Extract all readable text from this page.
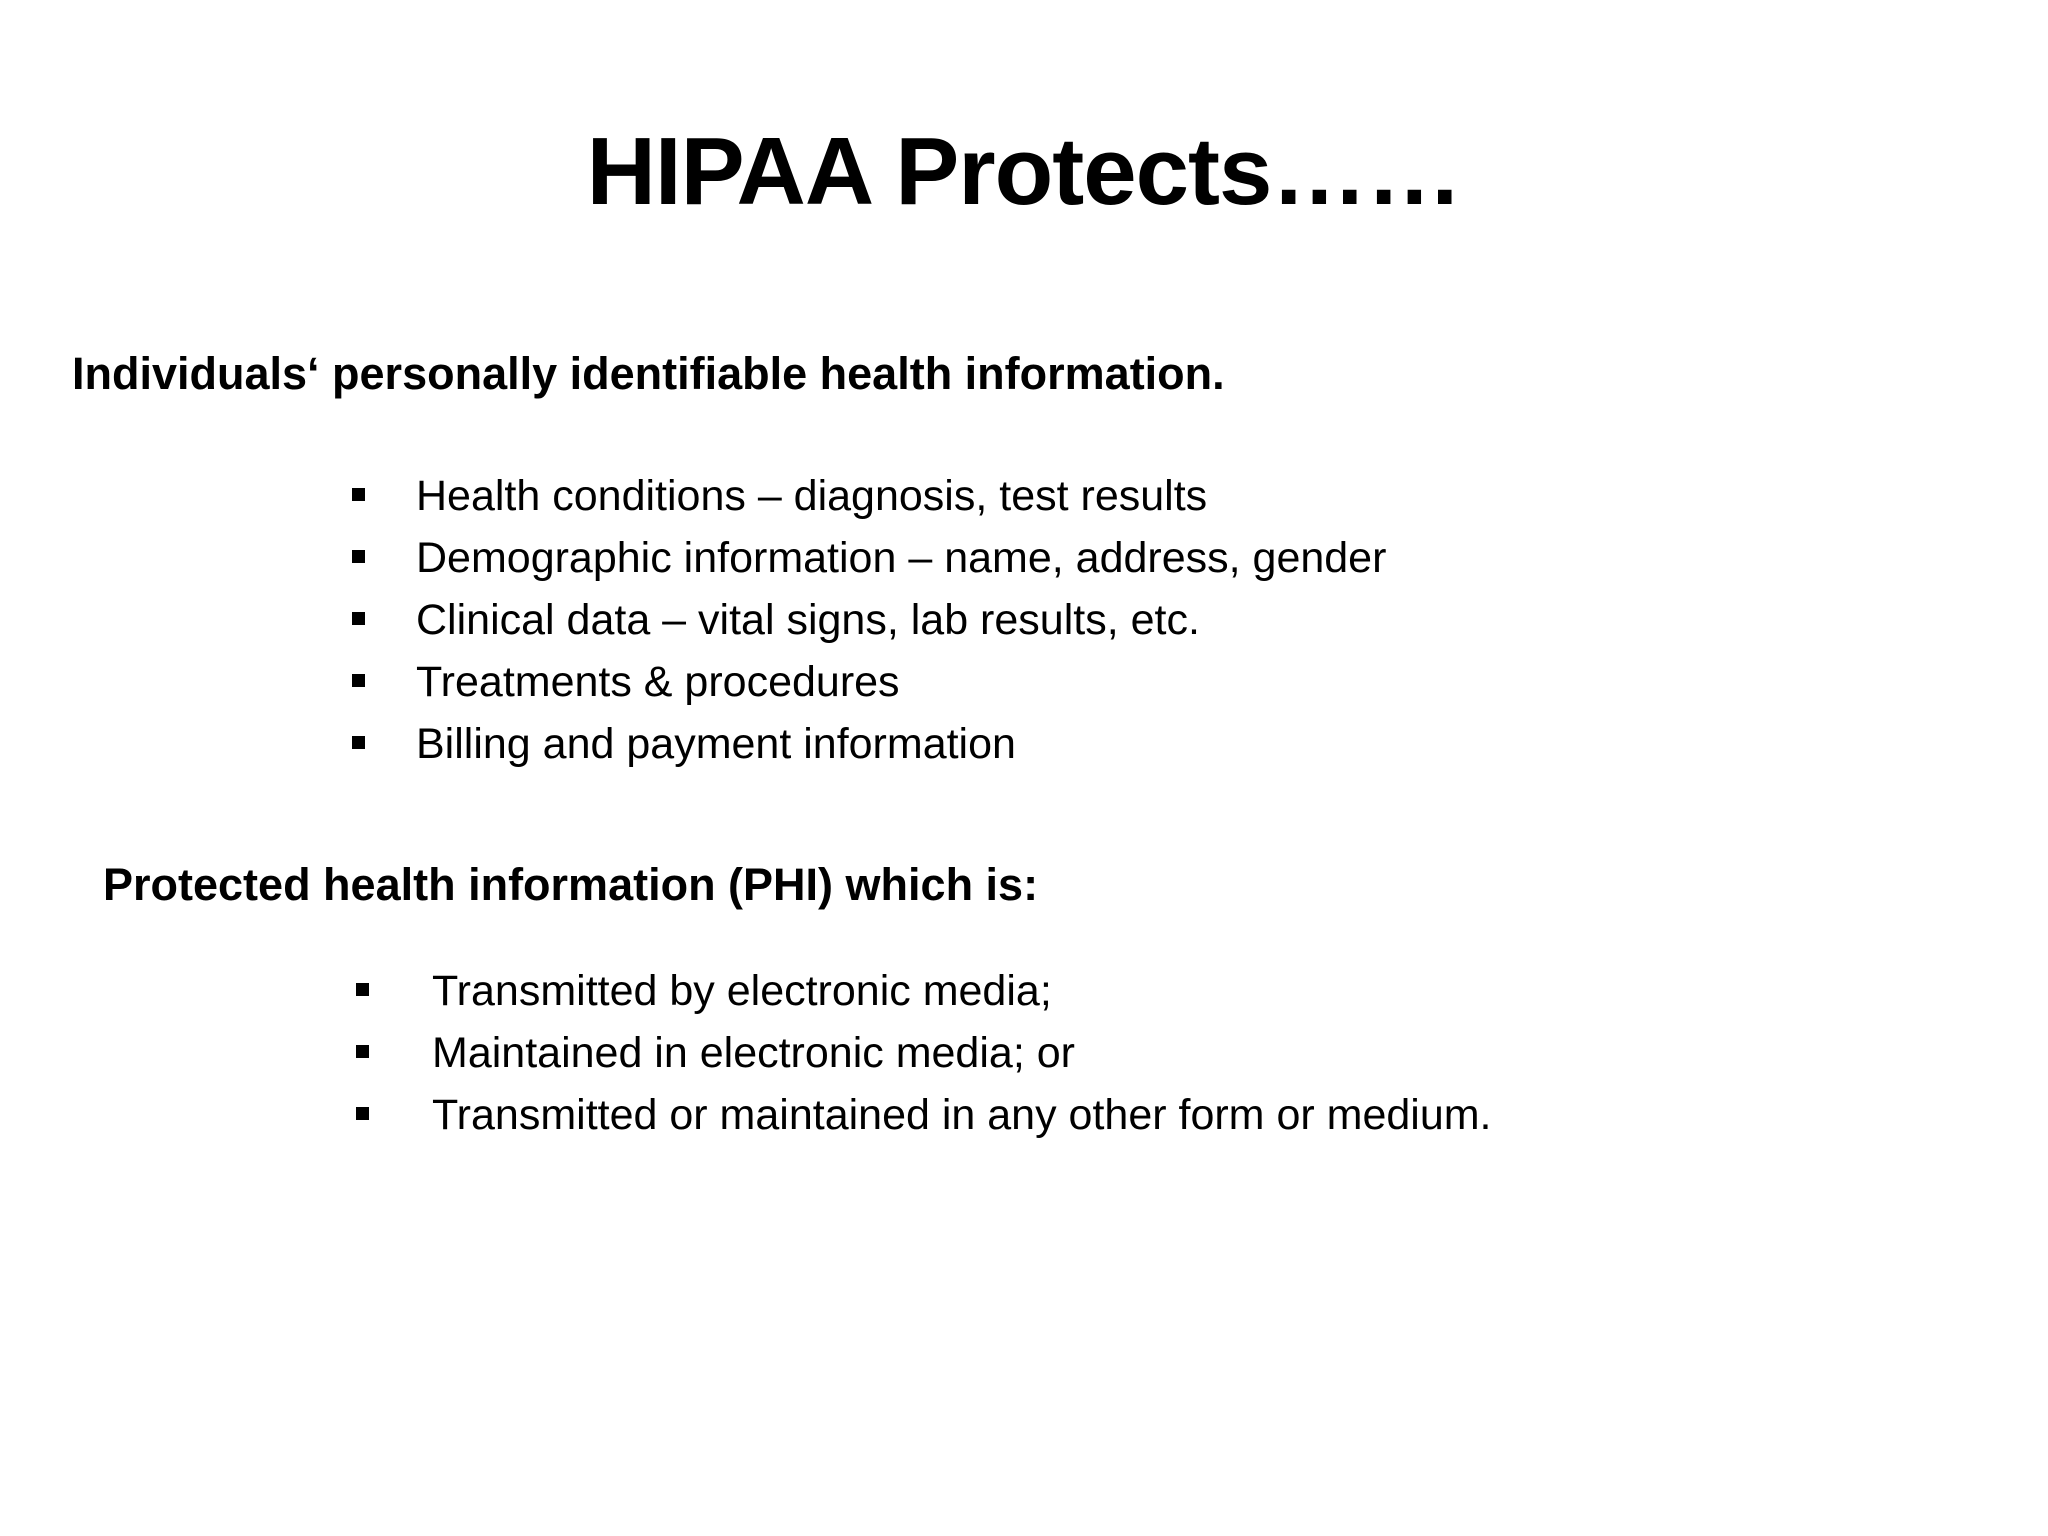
HIPAA Protects……
Individuals‘ personally identifiable health information.
Health conditions – diagnosis, test results
Demographic information – name, address, gender
Clinical data – vital signs, lab results, etc.
Treatments & procedures
Billing and payment information
Protected health information (PHI) which is:
Transmitted by electronic media;
Maintained in electronic media; or
Transmitted or maintained in any other form or medium.
